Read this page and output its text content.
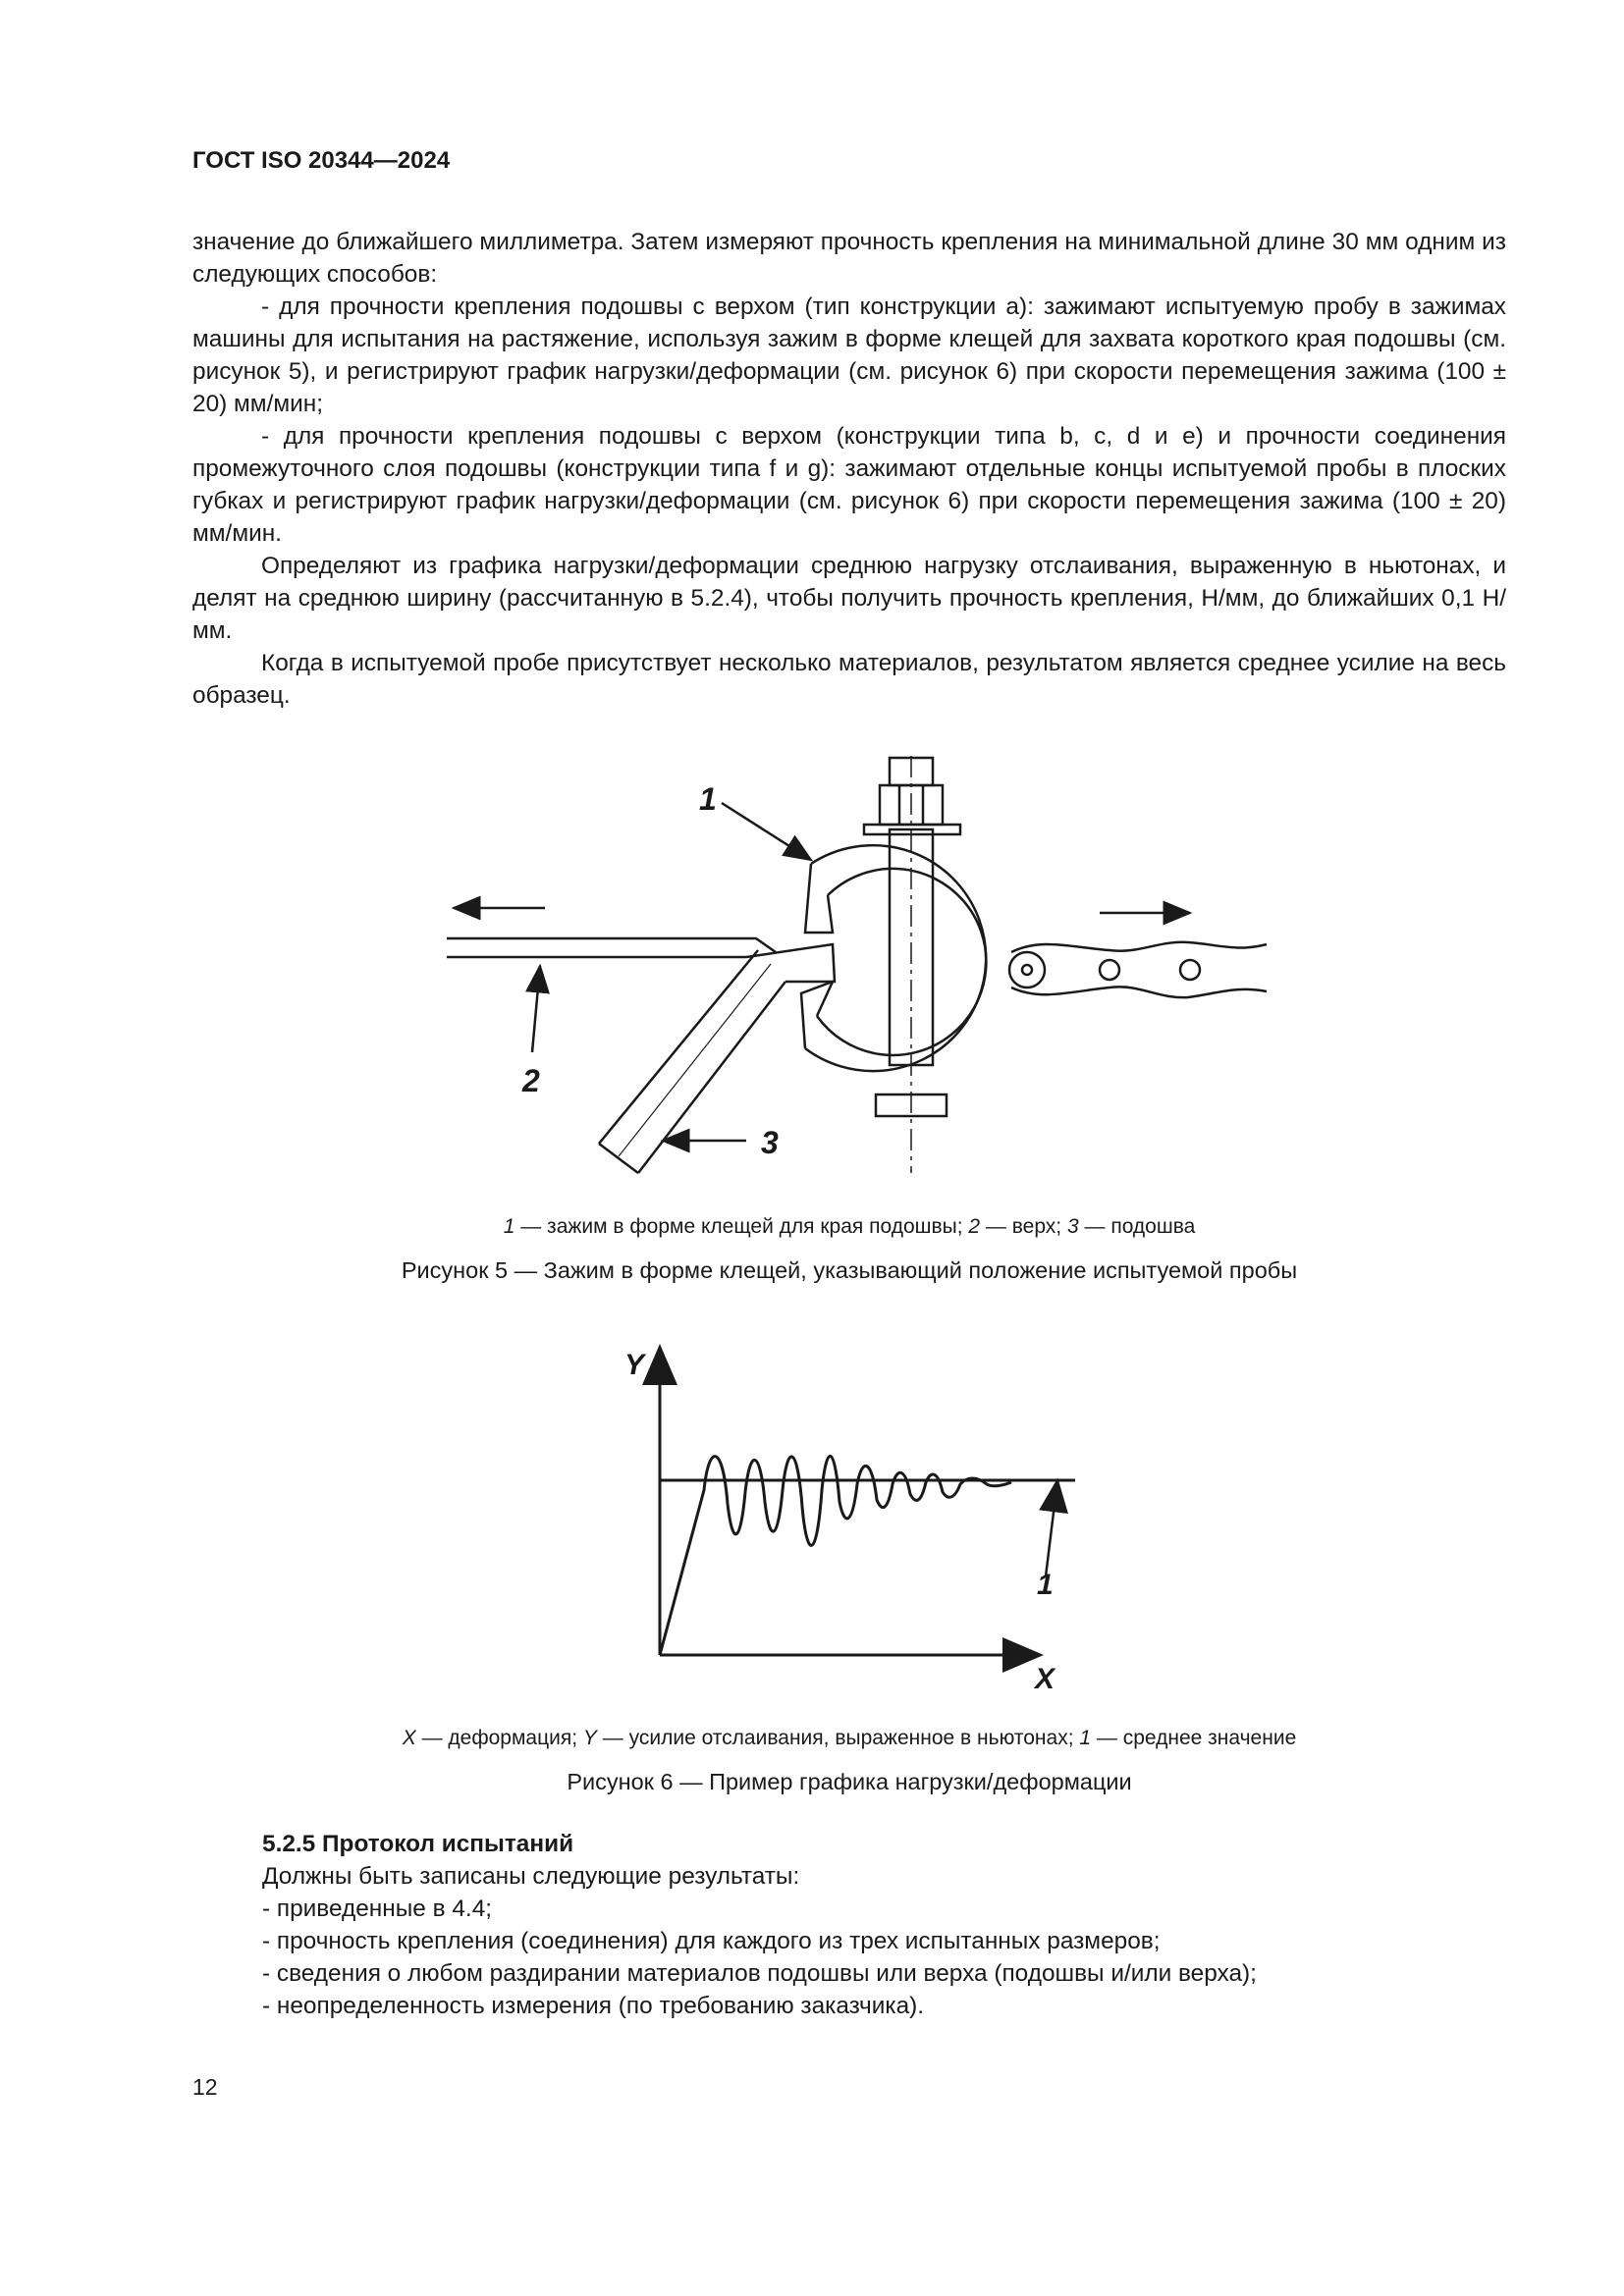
ГОСТ ISO 20344—2024

значение до ближайшего миллиметра. Затем измеряют прочность крепления на минимальной длине 30 мм одним из следующих способов:

- для прочности крепления подошвы с верхом (тип конструкции a): зажимают испытуемую пробу в зажимах машины для испытания на растяжение, используя зажим в форме клещей для захвата короткого края подошвы (см. рисунок 5), и регистрируют график нагрузки/деформации (см. рисунок 6) при скорости перемещения зажима (100 ± 20) мм/мин;

- для прочности крепления подошвы с верхом (конструкции типа b, c, d и e) и прочности соединения промежуточного слоя подошвы (конструкции типа f и g): зажимают отдельные концы испытуемой пробы в плоских губках и регистрируют график нагрузки/деформации (см. рисунок 6) при скорости перемещения зажима (100 ± 20) мм/мин.

Определяют из графика нагрузки/деформации среднюю нагрузку отслаивания, выраженную в ньютонах, и делят на среднюю ширину (рассчитанную в 5.2.4), чтобы получить прочность крепления, Н/мм, до ближайших 0,1 Н/мм.

Когда в испытуемой пробе присутствует несколько материалов, результатом является среднее усилие на весь образец.

1
2
3
1 — зажим в форме клещей для края подошвы; 2 — верх; 3 — подошва
Рисунок 5 — Зажим в форме клещей, указывающий положение испытуемой пробы
Y
X
1
X — деформация; Y — усилие отслаивания, выраженное в ньютонах; 1 — среднее значение
Рисунок 6 — Пример графика нагрузки/деформации
5.2.5 Протокол испытаний
Должны быть записаны следующие результаты:
- приведенные в 4.4;
- прочность крепления (соединения) для каждого из трех испытанных размеров;
- сведения о любом раздирании материалов подошвы или верха (подошвы и/или верха);
- неопределенность измерения (по требованию заказчика).
12
